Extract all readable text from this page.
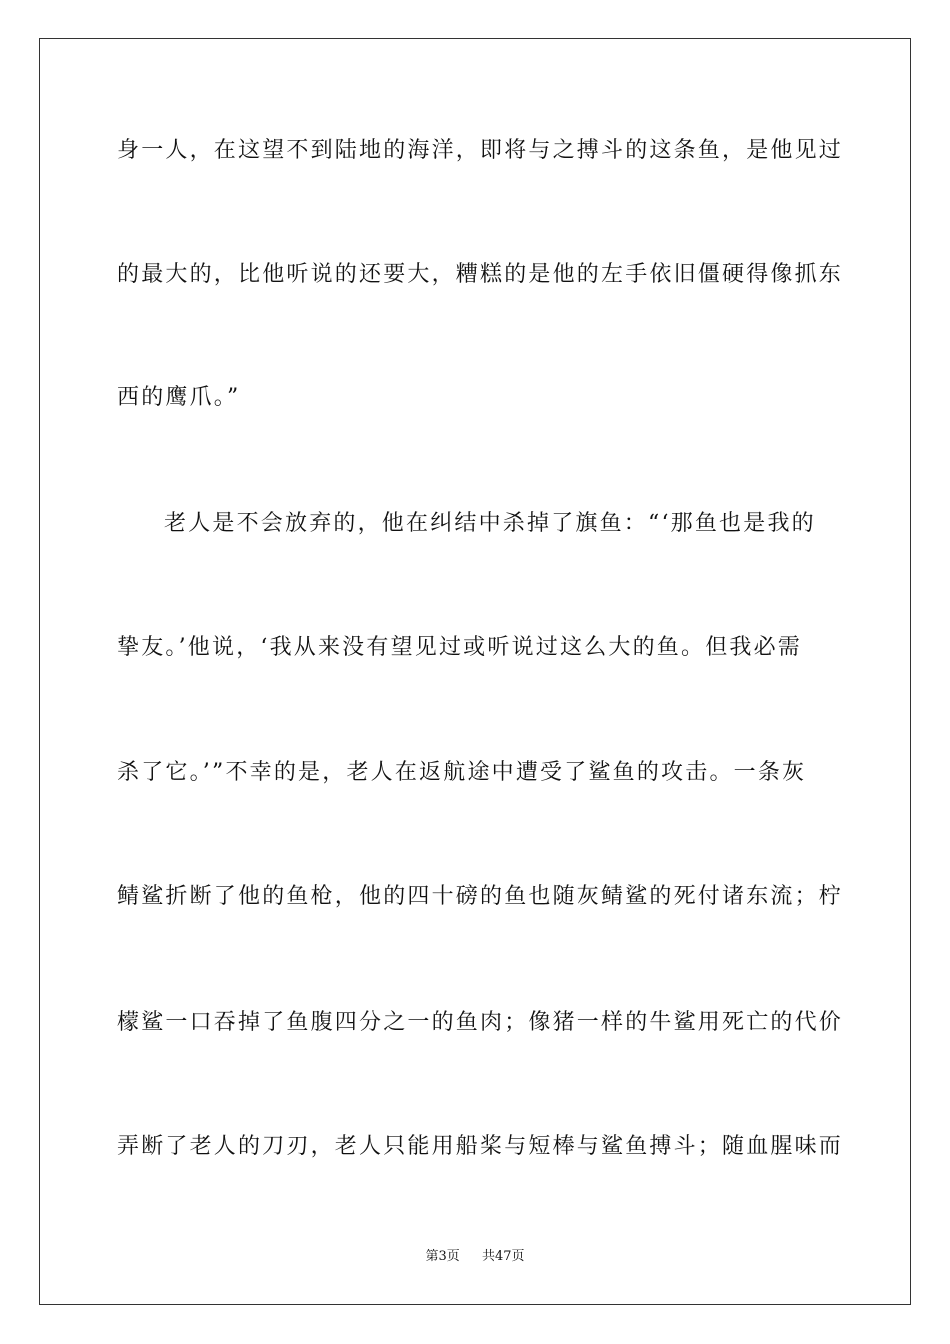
身一人，在这望不到陆地的海洋，即将与之搏斗的这条鱼，是他见过
的最大的，比他听说的还要大，糟糕的是他的左手依旧僵硬得像抓东
西的鹰爪。”
老人是不会放弃的，他在纠结中杀掉了旗鱼：“‘那鱼也是我的
挚友。’他说，‘我从来没有望见过或听说过这么大的鱼。但我必需
杀了它。’”不幸的是，老人在返航途中遭受了鲨鱼的攻击。一条灰
鲭鲨折断了他的鱼枪，他的四十磅的鱼也随灰鲭鲨的死付诸东流；柠
檬鲨一口吞掉了鱼腹四分之一的鱼肉；像猪一样的牛鲨用死亡的代价
弄断了老人的刀刃，老人只能用船桨与短棒与鲨鱼搏斗；随血腥味而
第3页 共47页
